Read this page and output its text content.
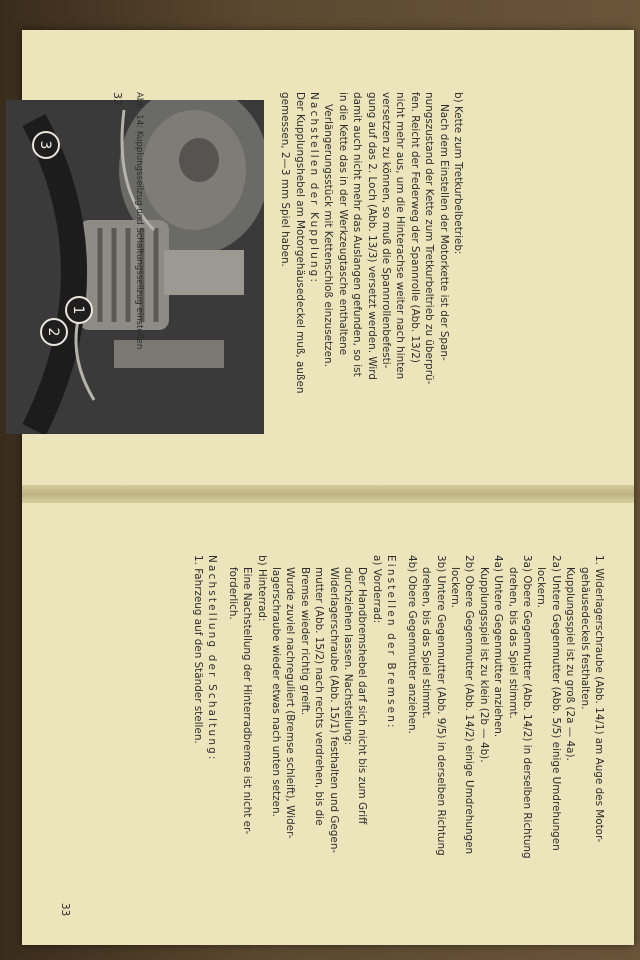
b) Kette zum Tretkurbelbetrieb:

Nach dem Einstellen der Motorkette ist der Span-

nungszustand der Kette zum Tretkurbeltrieb zu überprü-

fen. Reicht der Federweg der Spannrolle (Abb. 13/2)

nicht mehr aus, um die Hinterachse weiter nach hinten

versetzen zu können, so muß die Spannrollenbefesti-

gung auf das 2. Loch (Abb. 13/3) versetzt werden. Wird

damit auch nicht mehr das Auslangen gefunden, so ist

in die Kette das in der Werkzeugtasche enthaltene

Verlängerungsstück mit Kettenschloß einzusetzen.

Nachstellen der Kupplung:

Der Kupplungshebel am Motorgehäusedeckel muß, außen

gemessen, 2—3 mm Spiel haben.

1
2
3	Abb. 14: Kupplungsseilzug und Schaltungsseilzug einstellen

32

1. Widerlagerschraube (Abb. 14/1) am Auge des Motor-

gehäusedeckels festhalten.

Kupplungsspiel ist zu groß (2a — 4a).

2a) Untere Gegenmutter (Abb. 5/5) einige Umdrehungen

lockern.

3a) Obere Gegenmutter (Abb. 14/2) in derselben Richtung

drehen, bis das Spiel stimmt.

4a) Untere Gegenmutter anziehen.

Kupplungsspiel ist zu klein (2b — 4b).

2b) Obere Gegenmutter (Abb. 14/2) einige Umdrehungen

lockern.

3b) Untere Gegenmutter (Abb. 9/5) in derselben Richtung

drehen, bis das Spiel stimmt.

4b) Obere Gegenmutter anziehen.

Einstellen der Bremsen:

a) Vorderrad:

Der Handbremshebel darf sich nicht bis zum Griff

durchziehen lassen. Nachstellung:

Widerlagerschraube (Abb. 15/1) festhalten und Gegen-

mutter (Abb. 15/2) nach rechts verdrehen, bis die

Bremse wieder richtig greift.

Wurde zuviel nachreguliert (Bremse schleift), Wider-

lagerschraube wieder etwas nach unten setzen.

b) Hinterrad:

Eine Nachstellung der Hinterradbremse ist nicht er-

forderlich.

Nachstellung der Schaltung:

1. Fahrzeug auf den Ständer stellen.

33
